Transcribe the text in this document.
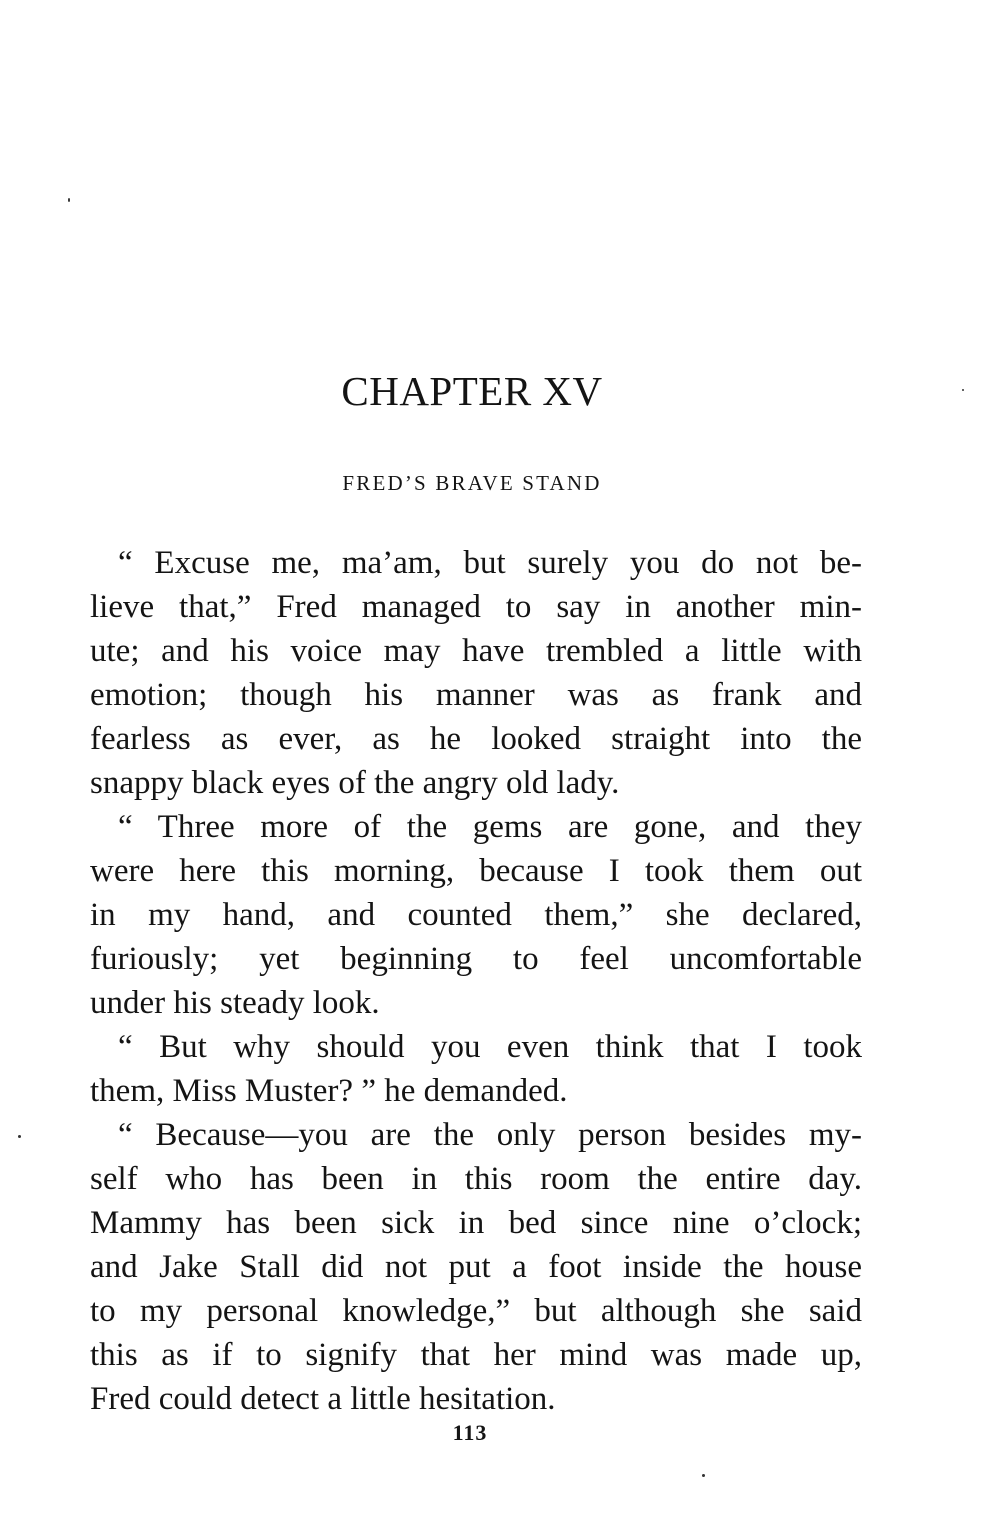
CHAPTER XV
FRED’S BRAVE STAND
“ Excuse me, ma’am, but surely you do not be-
lieve that,” Fred managed to say in another min-
ute; and his voice may have trembled a little with
emotion; though his manner was as frank and
fearless as ever, as he looked straight into the
snappy black eyes of the angry old lady.
“ Three more of the gems are gone, and they
were here this morning, because I took them out
in my hand, and counted them,” she declared,
furiously; yet beginning to feel uncomfortable
under his steady look.
“ But why should you even think that I took
them, Miss Muster? ” he demanded.
“ Because—you are the only person besides my-
self who has been in this room the entire day.
Mammy has been sick in bed since nine o’clock;
and Jake Stall did not put a foot inside the house
to my personal knowledge,” but although she said
this as if to signify that her mind was made up,
Fred could detect a little hesitation.
113
